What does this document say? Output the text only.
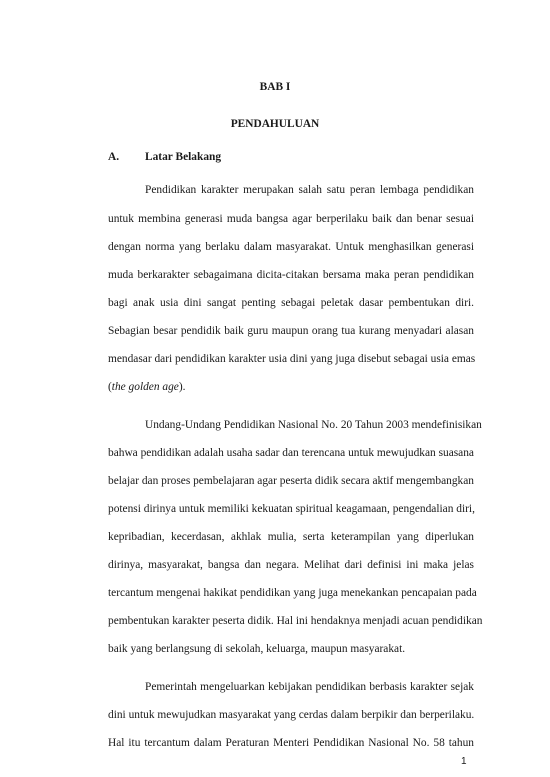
BAB I
PENDAHULUAN
A. Latar Belakang
Pendidikan karakter merupakan salah satu peran lembaga pendidikan
untuk membina generasi muda bangsa agar berperilaku baik dan benar sesuai
dengan norma yang berlaku dalam masyarakat. Untuk menghasilkan generasi
muda berkarakter sebagaimana dicita-citakan bersama maka peran pendidikan
bagi anak usia dini sangat penting sebagai peletak dasar pembentukan diri.
Sebagian besar pendidik baik guru maupun orang tua kurang menyadari alasan
mendasar dari pendidikan karakter usia dini yang juga disebut sebagai usia emas
(the golden age).
Undang-Undang Pendidikan Nasional No. 20 Tahun 2003 mendefinisikan
bahwa pendidikan adalah usaha sadar dan terencana untuk mewujudkan suasana
belajar dan proses pembelajaran agar peserta didik secara aktif mengembangkan
potensi dirinya untuk memiliki kekuatan spiritual keagamaan, pengendalian diri,
kepribadian, kecerdasan, akhlak mulia, serta keterampilan yang diperlukan
dirinya, masyarakat, bangsa dan negara. Melihat dari definisi ini maka jelas
tercantum mengenai hakikat pendidikan yang juga menekankan pencapaian pada
pembentukan karakter peserta didik. Hal ini hendaknya menjadi acuan pendidikan
baik yang berlangsung di sekolah, keluarga, maupun masyarakat.
Pemerintah mengeluarkan kebijakan pendidikan berbasis karakter sejak
dini untuk mewujudkan masyarakat yang cerdas dalam berpikir dan berperilaku.
Hal itu tercantum dalam Peraturan Menteri Pendidikan Nasional No. 58 tahun
1
